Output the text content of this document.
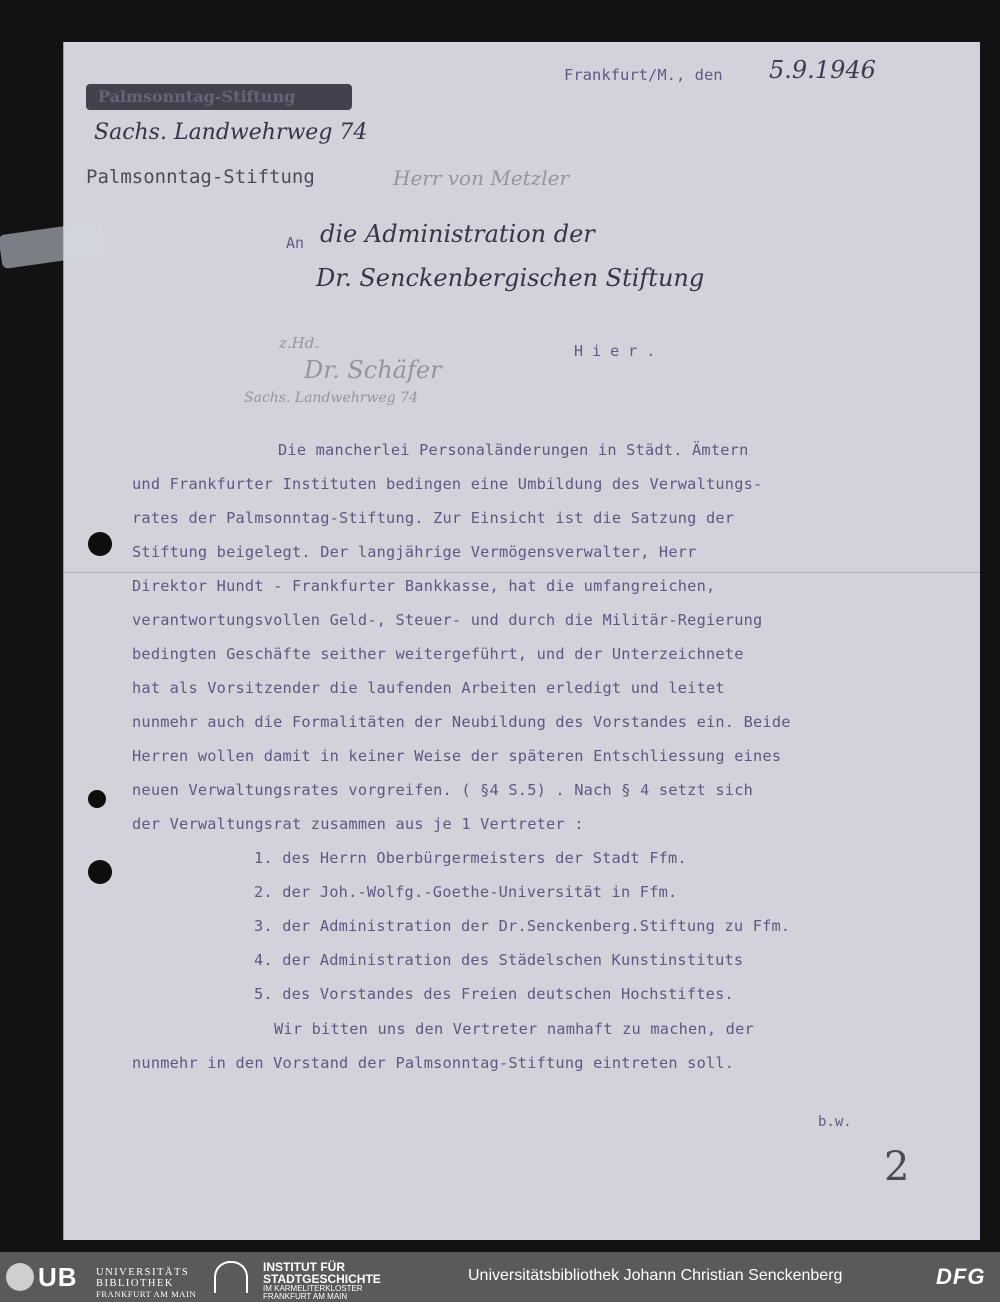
Palmsonntag-Stiftung
Sachs. Landwehrweg 74
Palmsonntag-Stiftung	Herr von Metzler
Frankfurt/M., den 5.9.1946
An die Administration der
Dr. Senckenbergischen Stiftung
H i e r .
z.Hd.
Dr. Schäfer
Sachs. Landwehrweg 74
Die mancherlei Personaländerungen in Städt. Ämtern
und Frankfurter Instituten bedingen eine Umbildung des Verwaltungs-
rates der Palmsonntag-Stiftung. Zur Einsicht ist die Satzung der
Stiftung beigelegt. Der langjährige Vermögensverwalter, Herr
Direktor Hundt - Frankfurter Bankkasse, hat die umfangreichen,
verantwortungsvollen Geld-, Steuer- und durch die Militär-Regierung
bedingten Geschäfte seither weitergeführt, und der Unterzeichnete
hat als Vorsitzender die laufenden Arbeiten erledigt und leitet
nunmehr auch die Formalitäten der Neubildung des Vorstandes ein. Beide
Herren wollen damit in keiner Weise der späteren Entschliessung eines
neuen Verwaltungsrates vorgreifen. ( §4 S.5) . Nach § 4 setzt sich
der Verwaltungsrat zusammen aus je 1 Vertreter :
1. des Herrn Oberbürgermeisters der Stadt Ffm.
2. der Joh.-Wolfg.-Goethe-Universität in Ffm.
3. der Administration der Dr.Senckenberg.Stiftung zu Ffm.
4. der Administration des Städelschen Kunstinstituts
5. des Vorstandes des Freien deutschen Hochstiftes.
Wir bitten uns den Vertreter namhaft zu machen, der
nunmehr in den Vorstand der Palmsonntag-Stiftung eintreten soll.
b.w.
2
UB UNIVERSITÄTS
BIBLIOTHEK
FRANKFURT AM MAIN
INSTITUT FÜR
STADTGESCHICHTE
IM KARMELITERKLOSTER
FRANKFURT AM MAIN
Universitätsbibliothek Johann Christian Senckenberg	DFG
